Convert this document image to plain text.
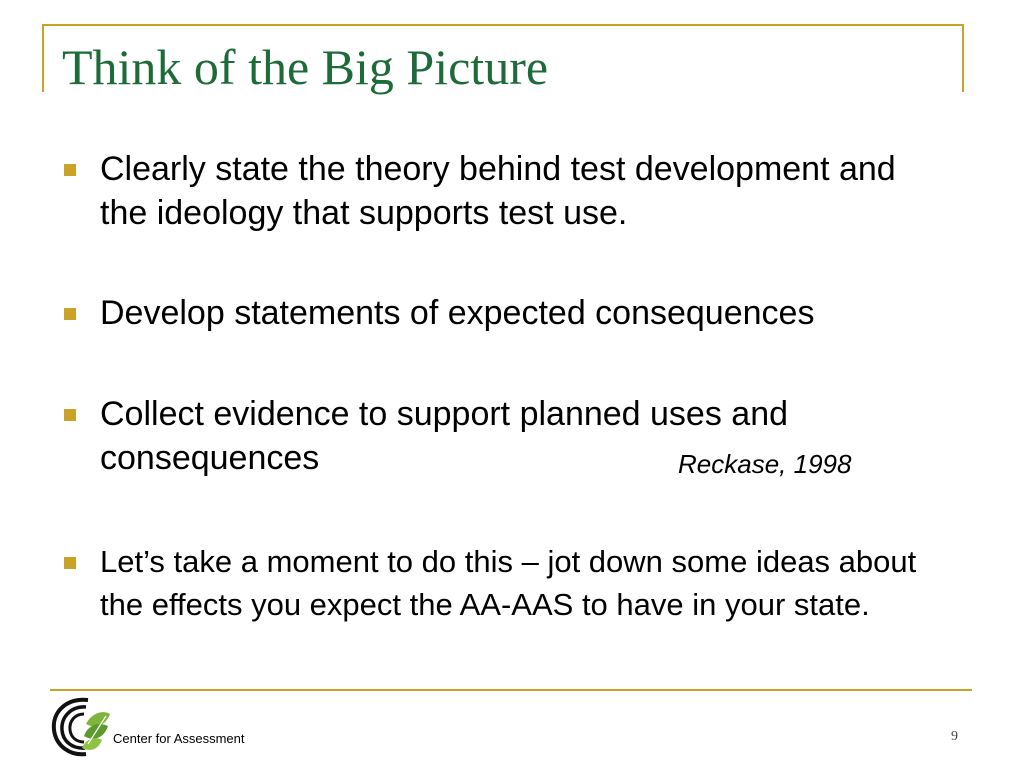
Think of the Big Picture
Clearly state the theory behind test development and the ideology that supports test use.
Develop statements of expected consequences
Collect evidence to support planned uses and consequences	Reckase, 1998
Let’s take a moment to do this – jot down some ideas about the effects you expect the AA-AAS to have in your state.
Center for Assessment	9
